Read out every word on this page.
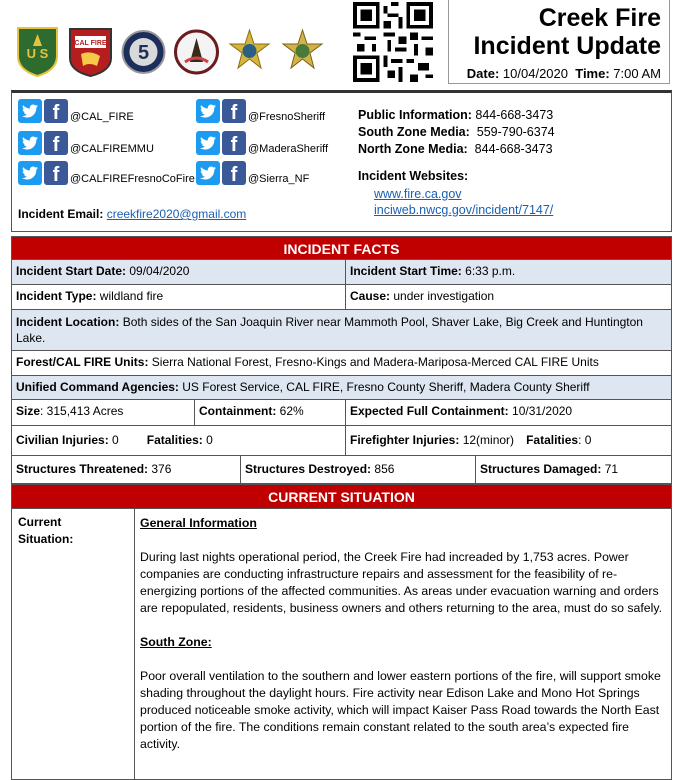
U S
CAL FIRE 5
Creek Fire
Incident Update
Date: 10/04/2020 Time: 7:00 AM
f @CAL_FIRE
f @CALFIREMMU
f @CALFIREFresnoCoFire
f @FresnoSheriff
f @MaderaSheriff
f @Sierra_NF
Incident Email: creekfire2020@gmail.com
Public Information: 844-668-3473
South Zone Media: 559-790-6374
North Zone Media: 844-668-3473
Incident Websites:
www.fire.ca.gov
inciweb.nwcg.gov/incident/7147/
INCIDENT FACTS
Incident Start Date: 09/04/2020	Incident Start Time: 6:33 p.m.
Incident Type: wildland fire	Cause: under investigation
Incident Location: Both sides of the San Joaquin River near Mammoth Pool, Shaver Lake, Big Creek and Huntington Lake.
Forest/CAL FIRE Units: Sierra National Forest, Fresno-Kings and Madera-Mariposa-Merced CAL FIRE Units
Unified Command Agencies: US Forest Service, CAL FIRE, Fresno County Sheriff, Madera County Sheriff
Size: 315,413 Acres	Containment: 62%	Expected Full Containment: 10/31/2020
Civilian Injuries: 0 Fatalities: 0	Firefighter Injuries: 12(minor) Fatalities: 0
Structures Threatened: 376	Structures Destroyed: 856	Structures Damaged: 71
CURRENT SITUATION
Current
Situation:

General Information

During last nights operational period, the Creek Fire had increaded by 1,753 acres. Power companies are conducting infrastructure repairs and assessment for the feasibility of re-energizing portions of the affected communities. As areas under evacuation warning and orders are repopulated, residents, business owners and others returning to the area, must do so safely.

South Zone:

Poor overall ventilation to the southern and lower eastern portions of the fire, will support smoke shading throughout the daylight hours. Fire activity near Edison Lake and Mono Hot Springs produced noticeable smoke activity, which will impact Kaiser Pass Road towards the North East portion of the fire. The conditions remain constant related to the south area’s expected fire activity.
